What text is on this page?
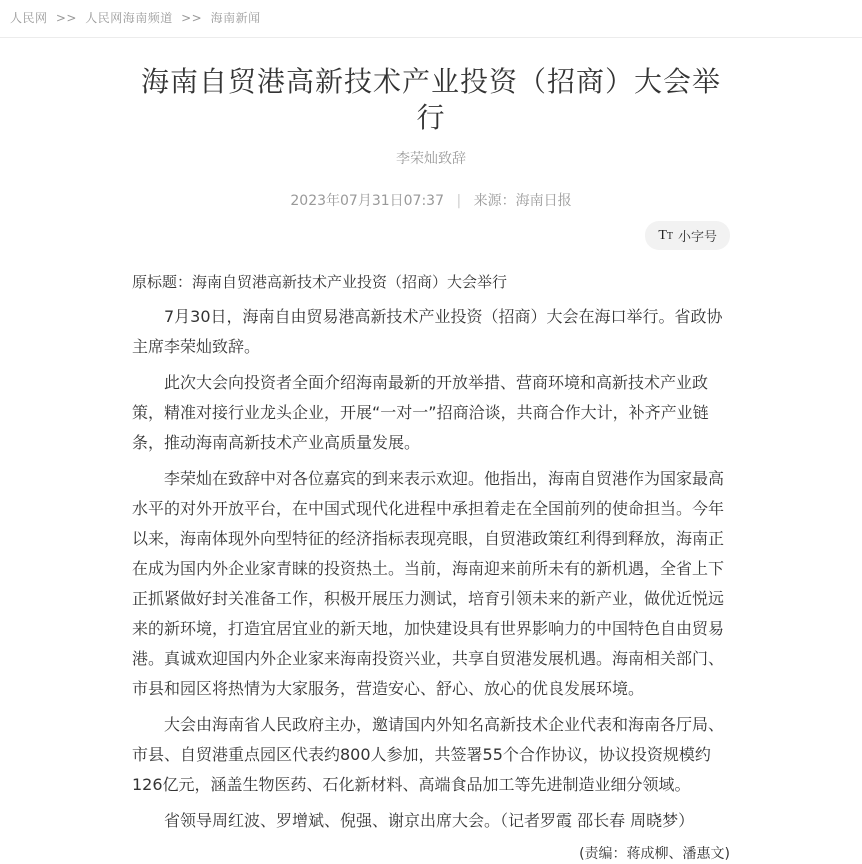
人民网 >> 人民网海南频道 >> 海南新闻
海南自贸港高新技术产业投资（招商）大会举行
李荣灿致辞
2023年07月31日07:37 | 来源：海南日报
TT 小字号

原标题：海南自贸港高新技术产业投资（招商）大会举行

7月30日，海南自由贸易港高新技术产业投资（招商）大会在海口举行。省政协主席李荣灿致辞。

此次大会向投资者全面介绍海南最新的开放举措、营商环境和高新技术产业政策，精准对接行业龙头企业，开展“一对一”招商洽谈，共商合作大计，补齐产业链条，推动海南高新技术产业高质量发展。

李荣灿在致辞中对各位嘉宾的到来表示欢迎。他指出，海南自贸港作为国家最高水平的对外开放平台，在中国式现代化进程中承担着走在全国前列的使命担当。今年以来，海南体现外向型特征的经济指标表现亮眼，自贸港政策红利得到释放，海南正在成为国内外企业家青睐的投资热土。当前，海南迎来前所未有的新机遇，全省上下正抓紧做好封关准备工作，积极开展压力测试，培育引领未来的新产业，做优近悦远来的新环境，打造宜居宜业的新天地，加快建设具有世界影响力的中国特色自由贸易港。真诚欢迎国内外企业家来海南投资兴业，共享自贸港发展机遇。海南相关部门、市县和园区将热情为大家服务，营造安心、舒心、放心的优良发展环境。

大会由海南省人民政府主办，邀请国内外知名高新技术企业代表和海南各厅局、市县、自贸港重点园区代表约800人参加，共签署55个合作协议，协议投资规模约126亿元，涵盖生物医药、石化新材料、高端食品加工等先进制造业细分领域。

省领导周红波、罗增斌、倪强、谢京出席大会。（记者罗霞 邵长春 周晓梦）

(责编：蒋成柳、潘惠文)
